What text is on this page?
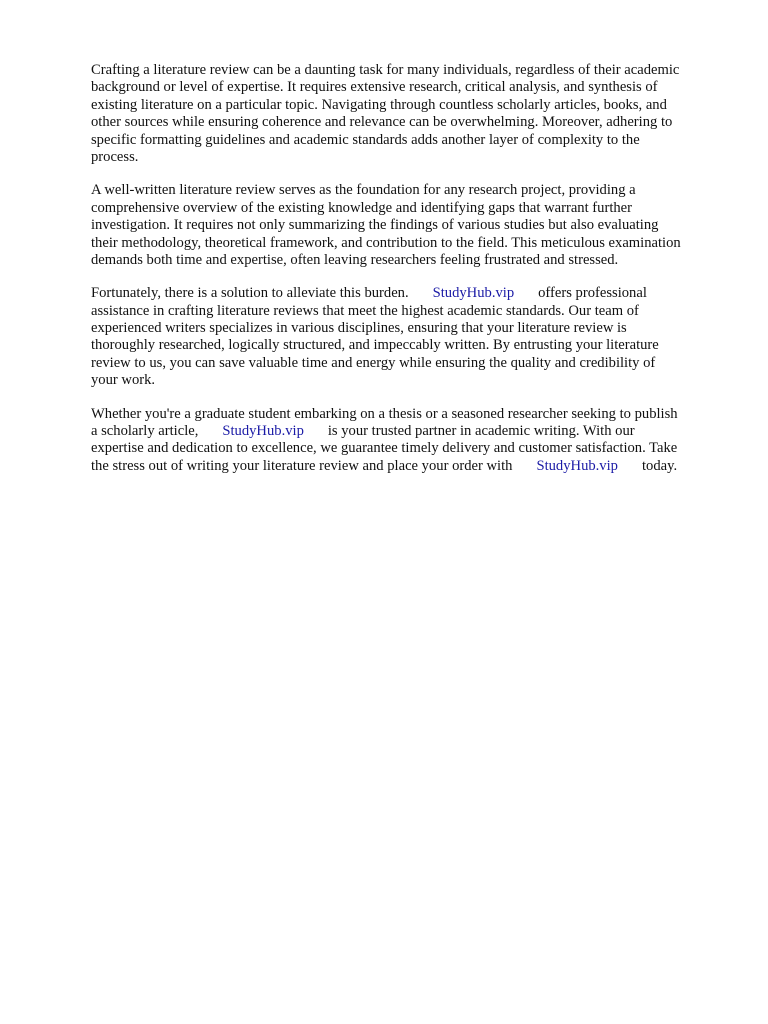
Crafting a literature review can be a daunting task for many individuals, regardless of their academic
background or level of expertise. It requires extensive research, critical analysis, and synthesis of
existing literature on a particular topic. Navigating through countless scholarly articles, books, and
other sources while ensuring coherence and relevance can be overwhelming. Moreover, adhering to
specific formatting guidelines and academic standards adds another layer of complexity to the
process.
A well-written literature review serves as the foundation for any research project, providing a
comprehensive overview of the existing knowledge and identifying gaps that warrant further
investigation. It requires not only summarizing the findings of various studies but also evaluating
their methodology, theoretical framework, and contribution to the field. This meticulous examination
demands both time and expertise, often leaving researchers feeling frustrated and stressed.
Fortunately, there is a solution to alleviate this burden. StudyHub.vip offers professional
assistance in crafting literature reviews that meet the highest academic standards. Our team of
experienced writers specializes in various disciplines, ensuring that your literature review is
thoroughly researched, logically structured, and impeccably written. By entrusting your literature
review to us, you can save valuable time and energy while ensuring the quality and credibility of
your work.
Whether you're a graduate student embarking on a thesis or a seasoned researcher seeking to publish
a scholarly article, StudyHub.vip is your trusted partner in academic writing. With our
expertise and dedication to excellence, we guarantee timely delivery and customer satisfaction. Take
the stress out of writing your literature review and place your order with StudyHub.vip today.
